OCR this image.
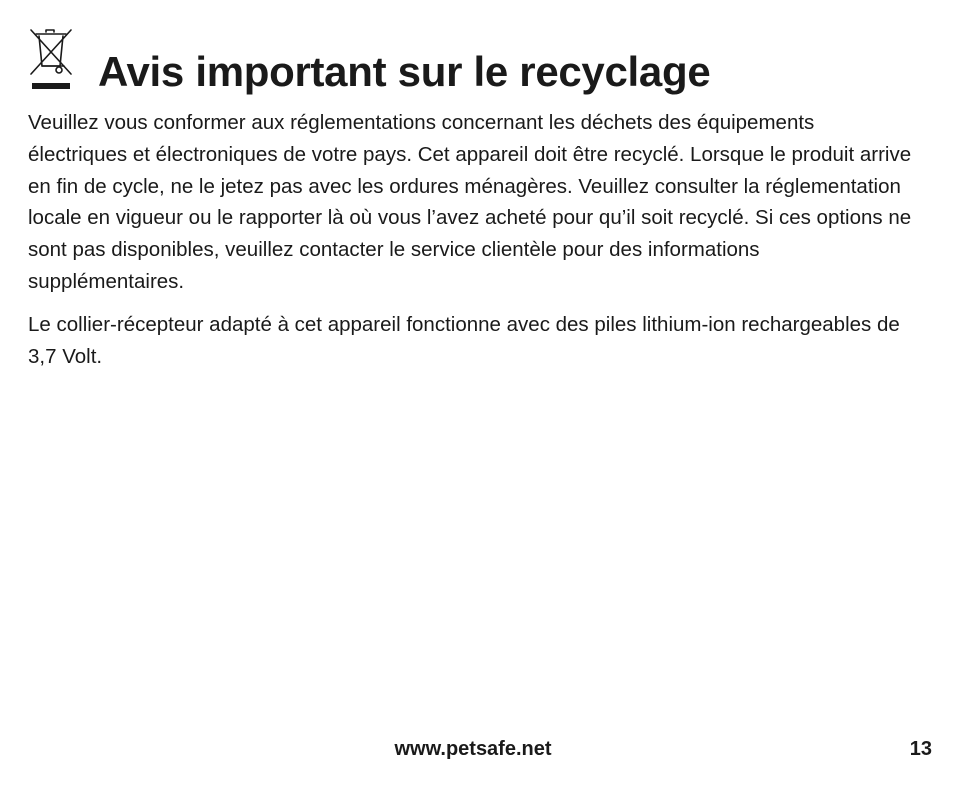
Avis important sur le recyclage

Veuillez vous conformer aux réglementations concernant les déchets des équipements électriques et électroniques de votre pays. Cet appareil doit être recyclé. Lorsque le produit arrive en fin de cycle, ne le jetez pas avec les ordures ménagères. Veuillez consulter la réglementation locale en vigueur ou le rapporter là où vous l’avez acheté pour qu’il soit recyclé. Si ces options ne sont pas disponibles, veuillez contacter le service clientèle pour des informations supplémentaires.

Le collier-récepteur adapté à cet appareil fonctionne avec des piles lithium-ion rechargeables de 3,7 Volt.

www.petsafe.net	13
